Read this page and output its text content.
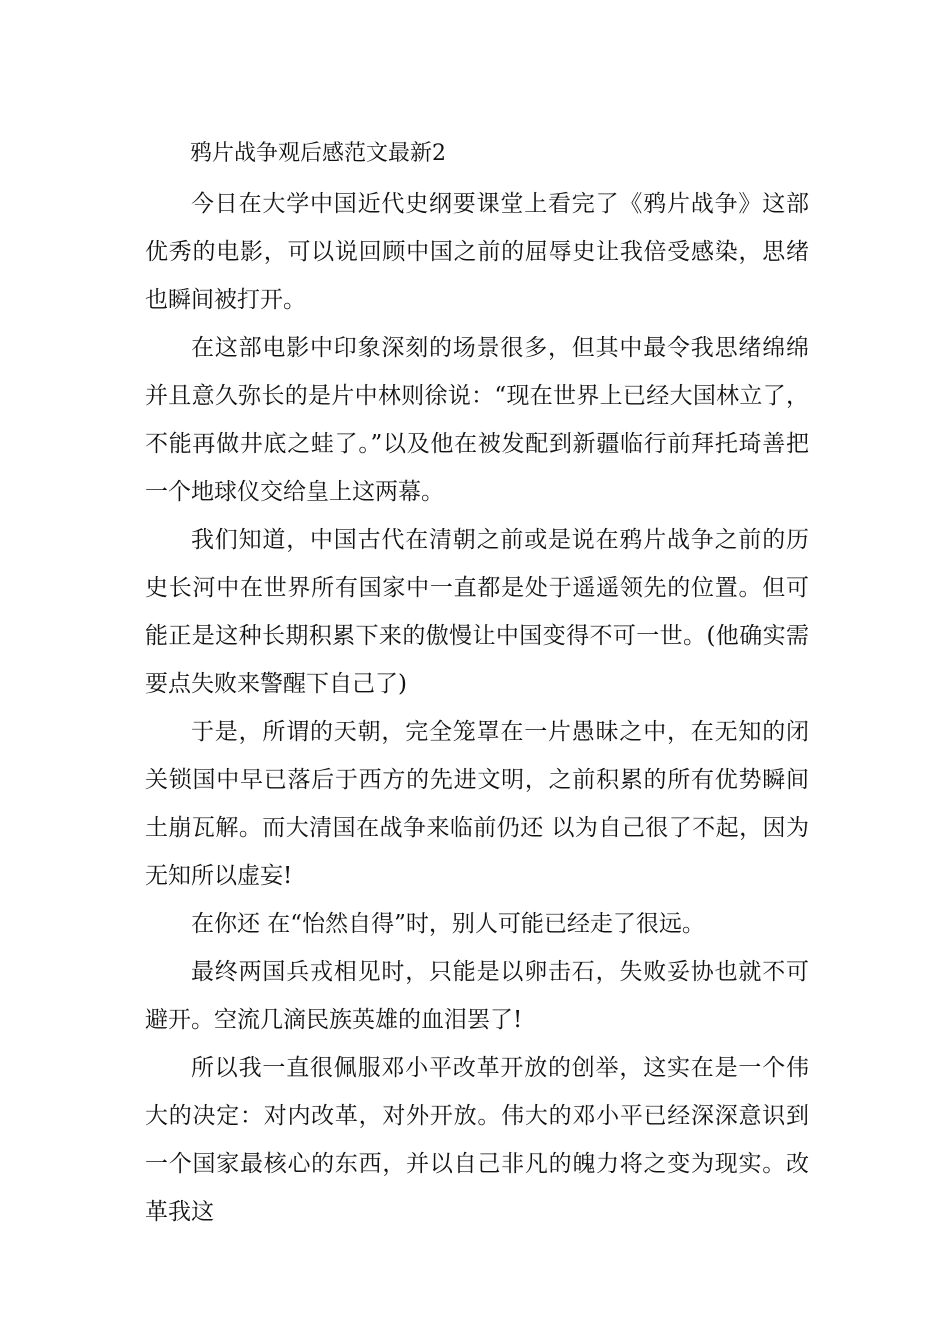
鸦片战争观后感范文最新2

今日在大学中国近代史纲要课堂上看完了《鸦片战争》这部优秀的电影，可以说回顾中国之前的屈辱史让我倍受感染，思绪也瞬间被打开。

在这部电影中印象深刻的场景很多，但其中最令我思绪绵绵并且意久弥长的是片中林则徐说：“现在世界上已经大国林立了，不能再做井底之蛙了。”以及他在被发配到新疆临行前拜托琦善把一个地球仪交给皇上这两幕。

我们知道，中国古代在清朝之前或是说在鸦片战争之前的历史长河中在世界所有国家中一直都是处于遥遥领先的位置。但可能正是这种长期积累下来的傲慢让中国变得不可一世。(他确实需要点失败来警醒下自己了)

于是，所谓的天朝，完全笼罩在一片愚昧之中，在无知的闭关锁国中早已落后于西方的先进文明，之前积累的所有优势瞬间土崩瓦解。而大清国在战争来临前仍还 以为自己很了不起，因为无知所以虚妄!

在你还 在“怡然自得”时，别人可能已经走了很远。

最终两国兵戎相见时，只能是以卵击石，失败妥协也就不可避开。空流几滴民族英雄的血泪罢了!

所以我一直很佩服邓小平改革开放的创举，这实在是一个伟大的决定：对内改革，对外开放。伟大的邓小平已经深深意识到一个国家最核心的东西，并以自己非凡的魄力将之变为现实。改革我这
